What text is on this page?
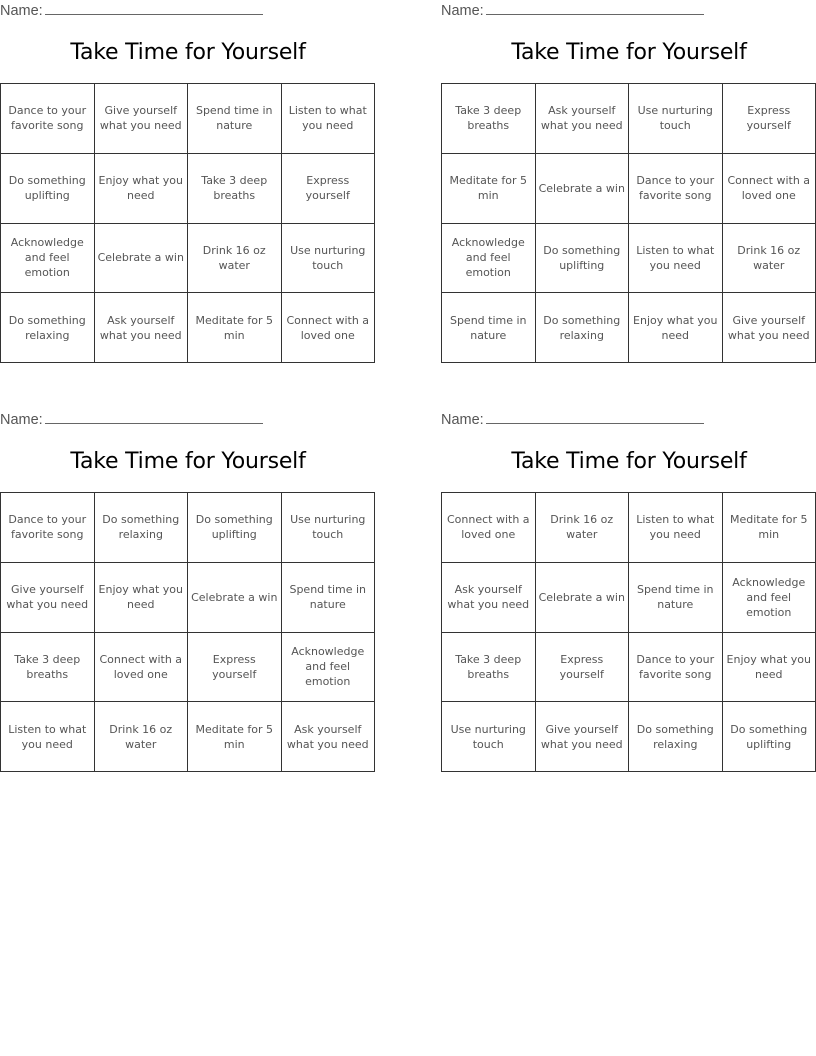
Name:
Take Time for Yourself
Dance to your favorite song	Give yourself what you need	Spend time in nature	Listen to what you need
Do something uplifting	Enjoy what you need	Take 3 deep breaths	Express yourself
Acknowledge and feel emotion	Celebrate a win	Drink 16 oz water	Use nurturing touch
Do something relaxing	Ask yourself what you need	Meditate for 5 min	Connect with a loved one
Name:
Take Time for Yourself
Take 3 deep breaths	Ask yourself what you need	Use nurturing touch	Express yourself
Meditate for 5 min	Celebrate a win	Dance to your favorite song	Connect with a loved one
Acknowledge and feel emotion	Do something uplifting	Listen to what you need	Drink 16 oz water
Spend time in nature	Do something relaxing	Enjoy what you need	Give yourself what you need
Name:
Take Time for Yourself
Dance to your favorite song	Do something relaxing	Do something uplifting	Use nurturing touch
Give yourself what you need	Enjoy what you need	Celebrate a win	Spend time in nature
Take 3 deep breaths	Connect with a loved one	Express yourself	Acknowledge and feel emotion
Listen to what you need	Drink 16 oz water	Meditate for 5 min	Ask yourself what you need
Name:
Take Time for Yourself
Connect with a loved one	Drink 16 oz water	Listen to what you need	Meditate for 5 min
Ask yourself what you need	Celebrate a win	Spend time in nature	Acknowledge and feel emotion
Take 3 deep breaths	Express yourself	Dance to your favorite song	Enjoy what you need
Use nurturing touch	Give yourself what you need	Do something relaxing	Do something uplifting
